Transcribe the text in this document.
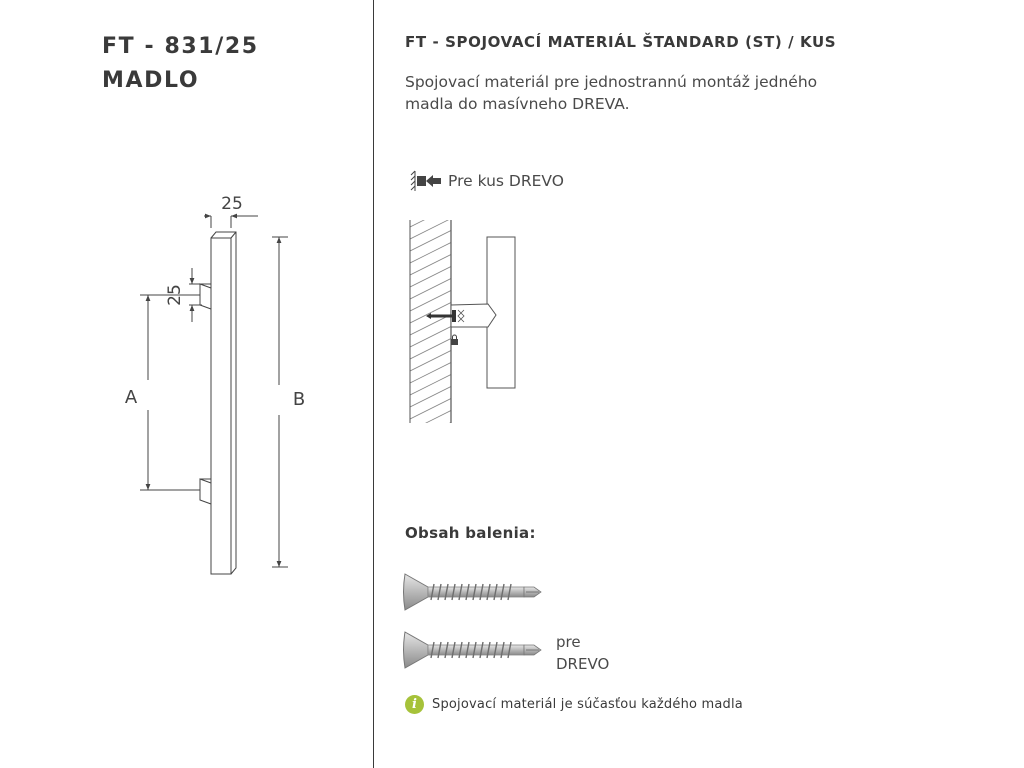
FT - 831/25
MADLO
25
25
A	B
FT - SPOJOVACÍ MATERIÁL ŠTANDARD (ST) / KUS

Spojovací materiál pre jednostrannú montáž jedného madla do masívneho DREVA.

Pre kus DREVO
Obsah balenia:
pre
DREVO
i	Spojovací materiál je súčasťou každého madla
